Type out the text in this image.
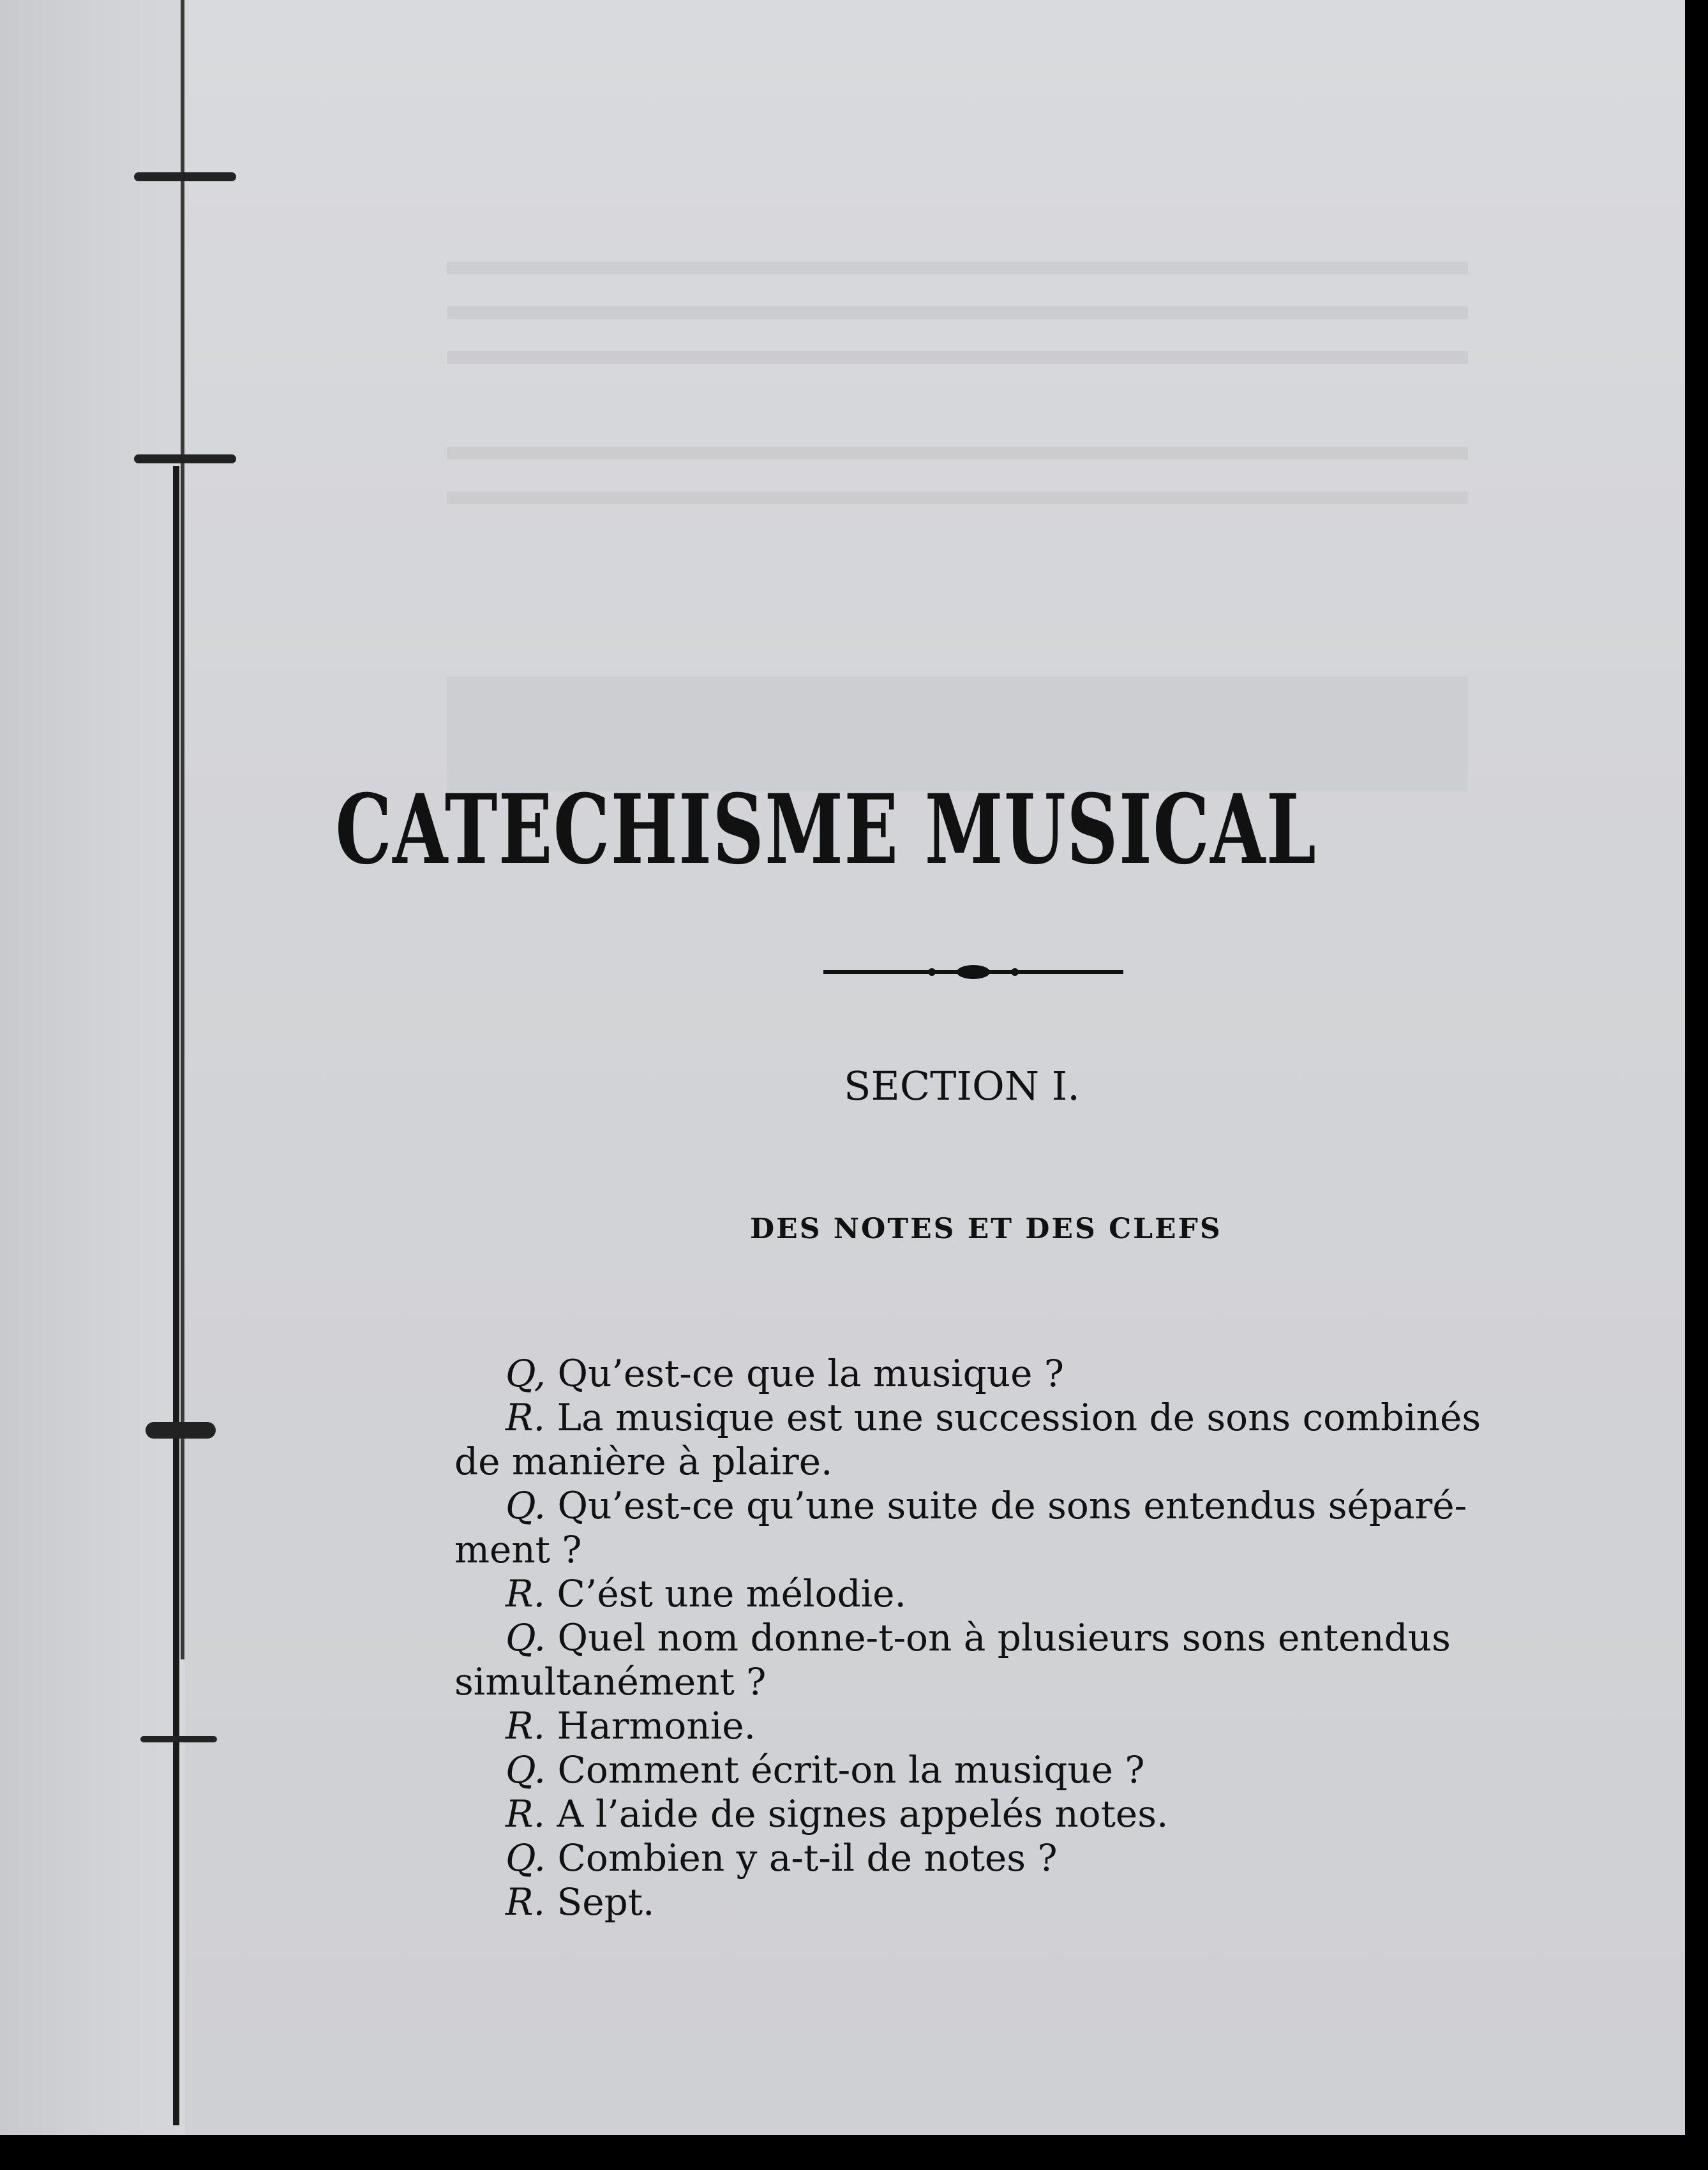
CATECHISME MUSICAL
SECTION I.
DES NOTES ET DES CLEFS
Q, Qu’est-ce que la musique ?
R. La musique est une succession de sons combinés
de manière à plaire.
Q. Qu’est-ce qu’une suite de sons entendus séparé-
ment ?
R. C’ést une mélodie.
Q. Quel nom donne-t-on à plusieurs sons entendus
simultanément ?
R. Harmonie.
Q. Comment écrit-on la musique ?
R. A l’aide de signes appelés notes.
Q. Combien y a-t-il de notes ?
R. Sept.
